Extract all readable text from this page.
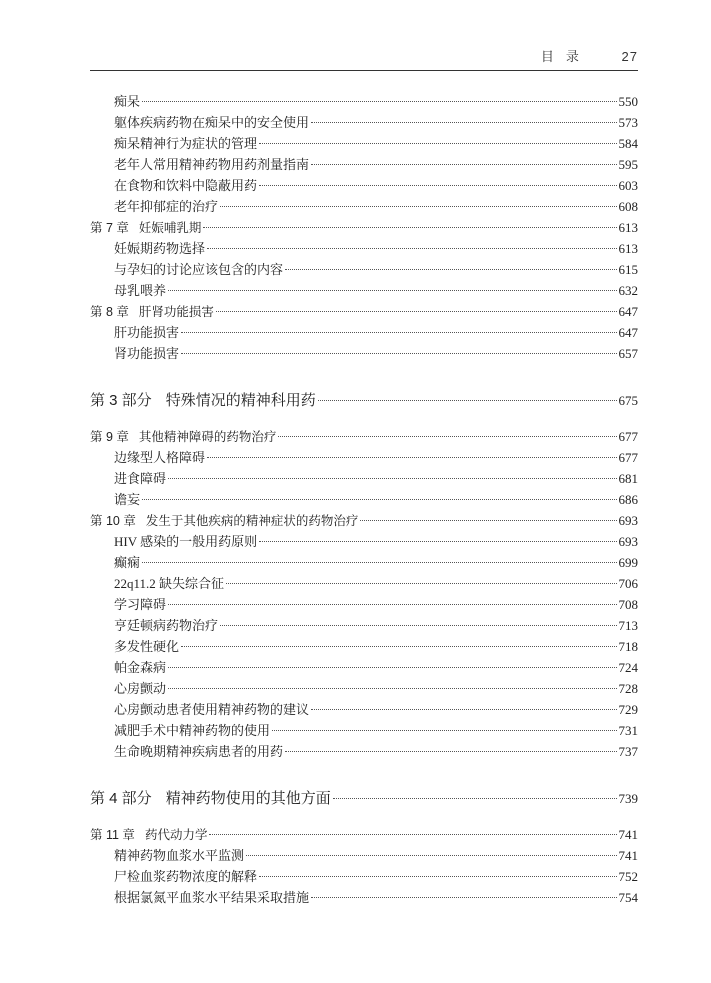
目录 27
痴呆	550
躯体疾病药物在痴呆中的安全使用	573
痴呆精神行为症状的管理	584
老年人常用精神药物用药剂量指南	595
在食物和饮料中隐蔽用药	603
老年抑郁症的治疗	608
第 7 章 妊娠哺乳期	613
妊娠期药物选择	613
与孕妇的讨论应该包含的内容	615
母乳喂养	632
第 8 章 肝肾功能损害	647
肝功能损害	647
肾功能损害	657
第 3 部分 特殊情况的精神科用药	675
第 9 章 其他精神障碍的药物治疗	677
边缘型人格障碍	677
进食障碍	681
谵妄	686
第 10 章 发生于其他疾病的精神症状的药物治疗	693
HIV 感染的一般用药原则	693
癫痫	699
22q11.2 缺失综合征	706
学习障碍	708
亨廷顿病药物治疗	713
多发性硬化	718
帕金森病	724
心房颤动	728
心房颤动患者使用精神药物的建议	729
减肥手术中精神药物的使用	731
生命晚期精神疾病患者的用药	737
第 4 部分 精神药物使用的其他方面	739
第 11 章 药代动力学	741
精神药物血浆水平监测	741
尸检血浆药物浓度的解释	752
根据氯氮平血浆水平结果采取措施	754
